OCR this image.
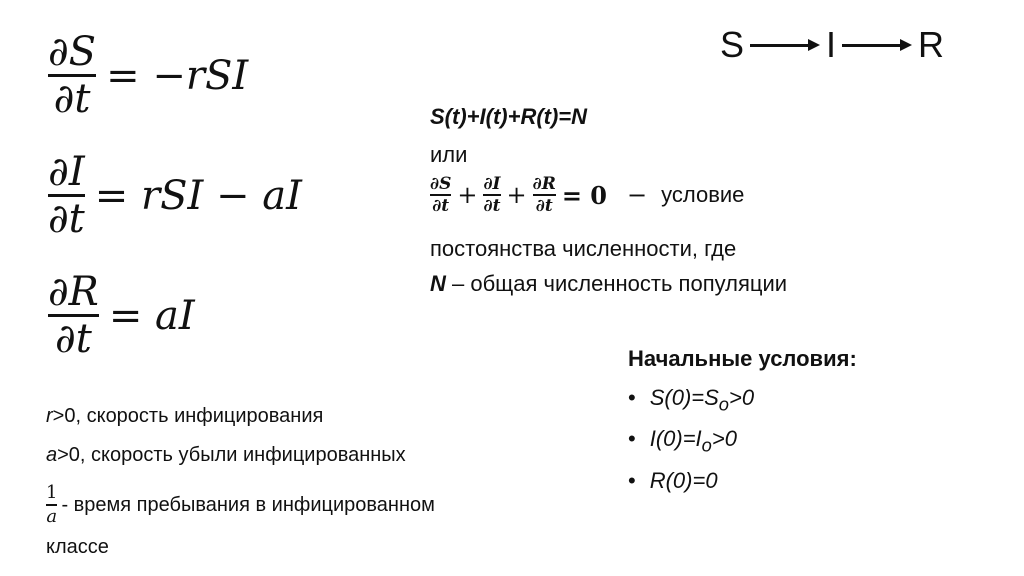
S I R
$\frac{\partial S}{\partial t} = -rSI$
$\frac{\partial I}{\partial t}$ = rSI − aI
$\frac{\partial R}{\partial t}$ = aI
S(t)+I(t)+R(t)=N
или
$\frac{\partial S}{\partial t} + \frac{\partial I}{\partial t} + \frac{\partial R}{\partial t}$ = 𝟎 − условие
постоянства численности, где
N – общая численность популяции
Начальные условия:
• $S(0)=S_o>0$
• $I(0)=I_o>0$
• R(0)=0
r>0, скорость инфицирования
a>0, скорость убыли инфицированных
$\frac{1}{a}$ - время пребывания в инфицированном
классе
